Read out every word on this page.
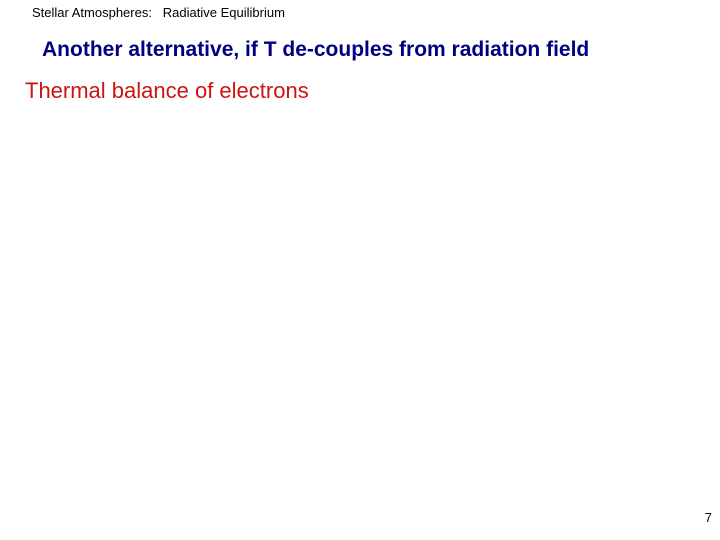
Stellar Atmospheres: Radiative Equilibrium
Another alternative, if T de-couples from radiation field
Thermal balance of electrons
7
